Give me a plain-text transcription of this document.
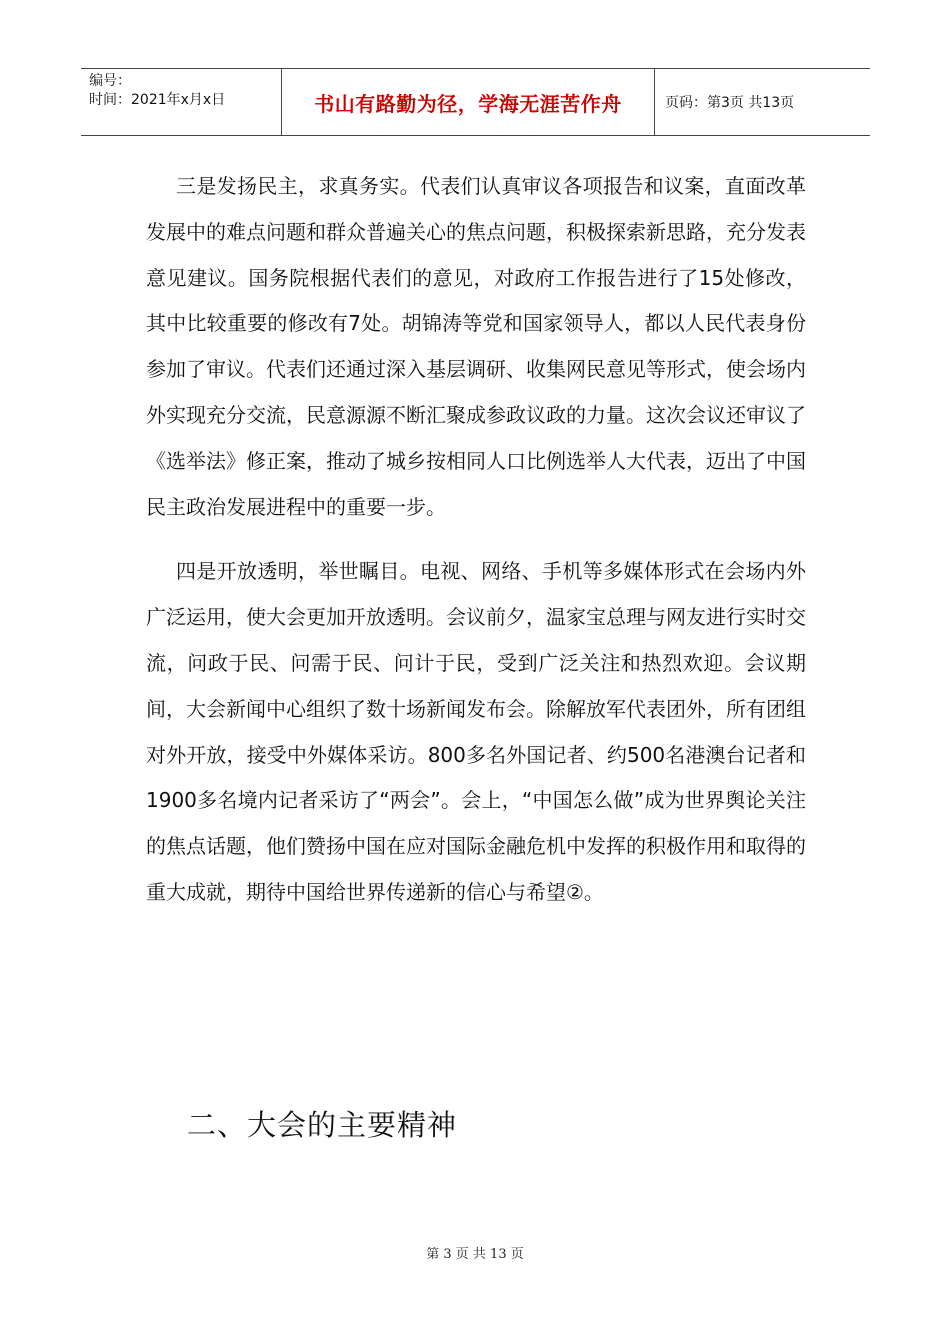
编号：
时间：2021年x月x日	书山有路勤为径，学海无涯苦作舟	页码：第3页 共13页

三是发扬民主，求真务实。代表们认真审议各项报告和议案，直面改革发展中的难点问题和群众普遍关心的焦点问题，积极探索新思路，充分发表意见建议。国务院根据代表们的意见，对政府工作报告进行了15处修改，其中比较重要的修改有7处。胡锦涛等党和国家领导人，都以人民代表身份参加了审议。代表们还通过深入基层调研、收集网民意见等形式，使会场内外实现充分交流，民意源源不断汇聚成参政议政的力量。这次会议还审议了《选举法》修正案，推动了城乡按相同人口比例选举人大代表，迈出了中国民主政治发展进程中的重要一步。

四是开放透明，举世瞩目。电视、网络、手机等多媒体形式在会场内外广泛运用，使大会更加开放透明。会议前夕，温家宝总理与网友进行实时交流，问政于民、问需于民、问计于民，受到广泛关注和热烈欢迎。会议期间，大会新闻中心组织了数十场新闻发布会。除解放军代表团外，所有团组对外开放，接受中外媒体采访。800多名外国记者、约500名港澳台记者和1900多名境内记者采访了“两会”。会上，“中国怎么做”成为世界舆论关注的焦点话题，他们赞扬中国在应对国际金融危机中发挥的积极作用和取得的重大成就，期待中国给世界传递新的信心与希望②。

二、大会的主要精神
第 3 页 共 13 页
